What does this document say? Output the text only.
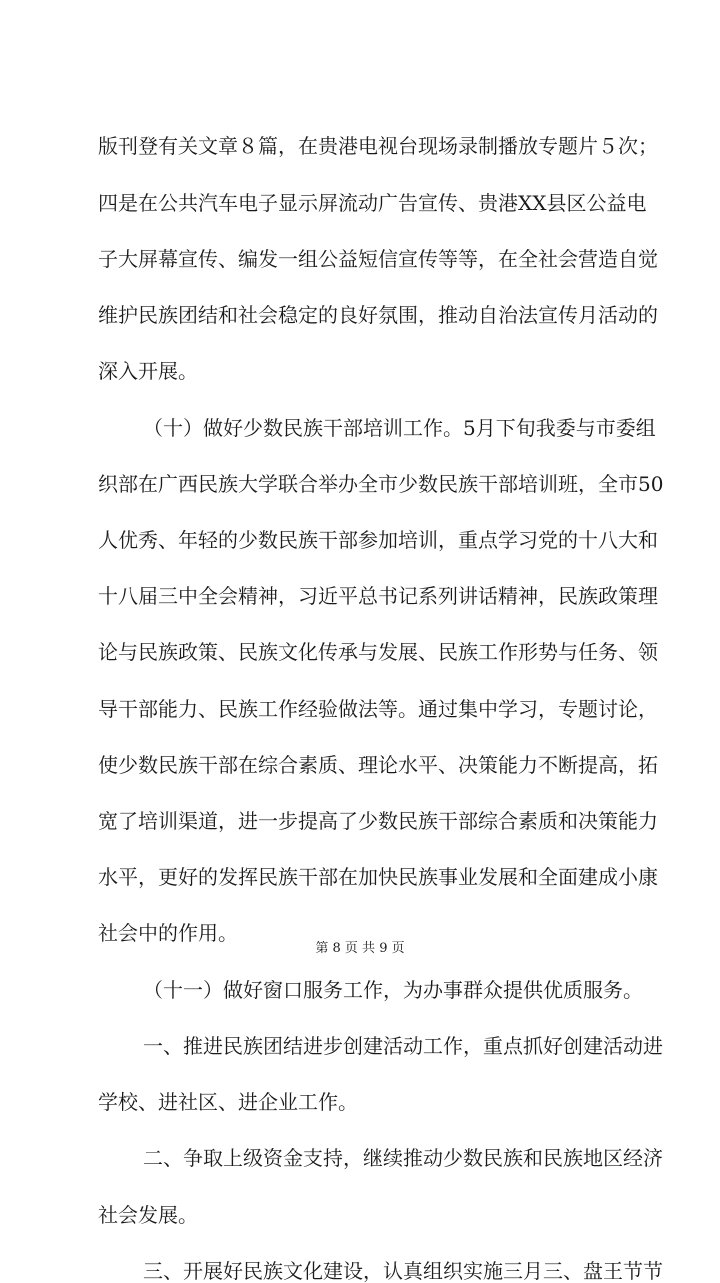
版刊登有关文章８篇，在贵港电视台现场录制播放专题片５次；
四是在公共汽车电子显示屏流动广告宣传、贵港XX县区公益电
子大屏幕宣传、编发一组公益短信宣传等等，在全社会营造自觉
维护民族团结和社会稳定的良好氛围，推动自治法宣传月活动的
深入开展。
（十）做好少数民族干部培训工作。5月下旬我委与市委组
织部在广西民族大学联合举办全市少数民族干部培训班，全市50
人优秀、年轻的少数民族干部参加培训，重点学习党的十八大和
十八届三中全会精神，习近平总书记系列讲话精神，民族政策理
论与民族政策、民族文化传承与发展、民族工作形势与任务、领
导干部能力、民族工作经验做法等。通过集中学习，专题讨论，
使少数民族干部在综合素质、理论水平、决策能力不断提高，拓
宽了培训渠道，进一步提高了少数民族干部综合素质和决策能力
水平，更好的发挥民族干部在加快民族事业发展和全面建成小康
社会中的作用。
（十一）做好窗口服务工作，为办事群众提供优质服务。
一、推进民族团结进步创建活动工作，重点抓好创建活动进
学校、进社区、进企业工作。
二、争取上级资金支持，继续推动少数民族和民族地区经济
社会发展。
三、开展好民族文化建设，认真组织实施三月三、盘王节节
第 8 页 共 9 页
